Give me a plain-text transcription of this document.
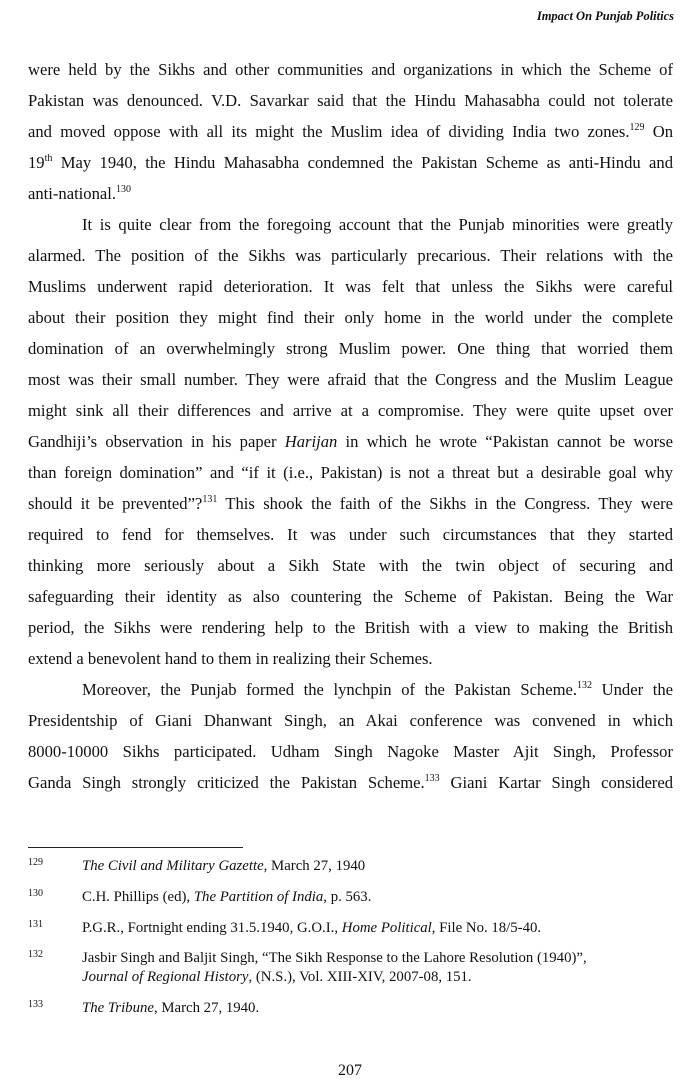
Impact On Punjab Politics
were held by the Sikhs and other communities and organizations in which the Scheme of
Pakistan was denounced. V.D. Savarkar said that the Hindu Mahasabha could not tolerate
and moved oppose with all its might the Muslim idea of dividing India two zones.$^{129}$ On
19th May 1940, the Hindu Mahasabha condemned the Pakistan Scheme as anti-Hindu and
anti-national.$^{130}$
It is quite clear from the foregoing account that the Punjab minorities were greatly
alarmed. The position of the Sikhs was particularly precarious. Their relations with the
Muslims underwent rapid deterioration. It was felt that unless the Sikhs were careful
about their position they might find their only home in the world under the complete
domination of an overwhelmingly strong Muslim power. One thing that worried them
most was their small number. They were afraid that the Congress and the Muslim League
might sink all their differences and arrive at a compromise. They were quite upset over
Gandhiji’s observation in his paper Harijan in which he wrote “Pakistan cannot be worse
than foreign domination” and “if it (i.e., Pakistan) is not a threat but a desirable goal why
should it be prevented”?$^{131}$ This shook the faith of the Sikhs in the Congress. They were
required to fend for themselves. It was under such circumstances that they started
thinking more seriously about a Sikh State with the twin object of securing and
safeguarding their identity as also countering the Scheme of Pakistan. Being the War
period, the Sikhs were rendering help to the British with a view to making the British
extend a benevolent hand to them in realizing their Schemes.
Moreover, the Punjab formed the lynchpin of the Pakistan Scheme.$^{132}$ Under the
Presidentship of Giani Dhanwant Singh, an Akai conference was convened in which
8000-10000 Sikhs participated. Udham Singh Nagoke Master Ajit Singh, Professor
Ganda Singh strongly criticized the Pakistan Scheme.$^{133}$ Giani Kartar Singh considered
129	The Civil and Military Gazette, March 27, 1940
130	C.H. Phillips (ed), The Partition of India, p. 563.
131	P.G.R., Fortnight ending 31.5.1940, G.O.I., Home Political, File No. 18/5-40.
132	Jasbir Singh and Baljit Singh, “The Sikh Response to the Lahore Resolution (1940)”,
Journal of Regional History, (N.S.), Vol. XIII-XIV, 2007-08, 151.
133	The Tribune, March 27, 1940.
207
